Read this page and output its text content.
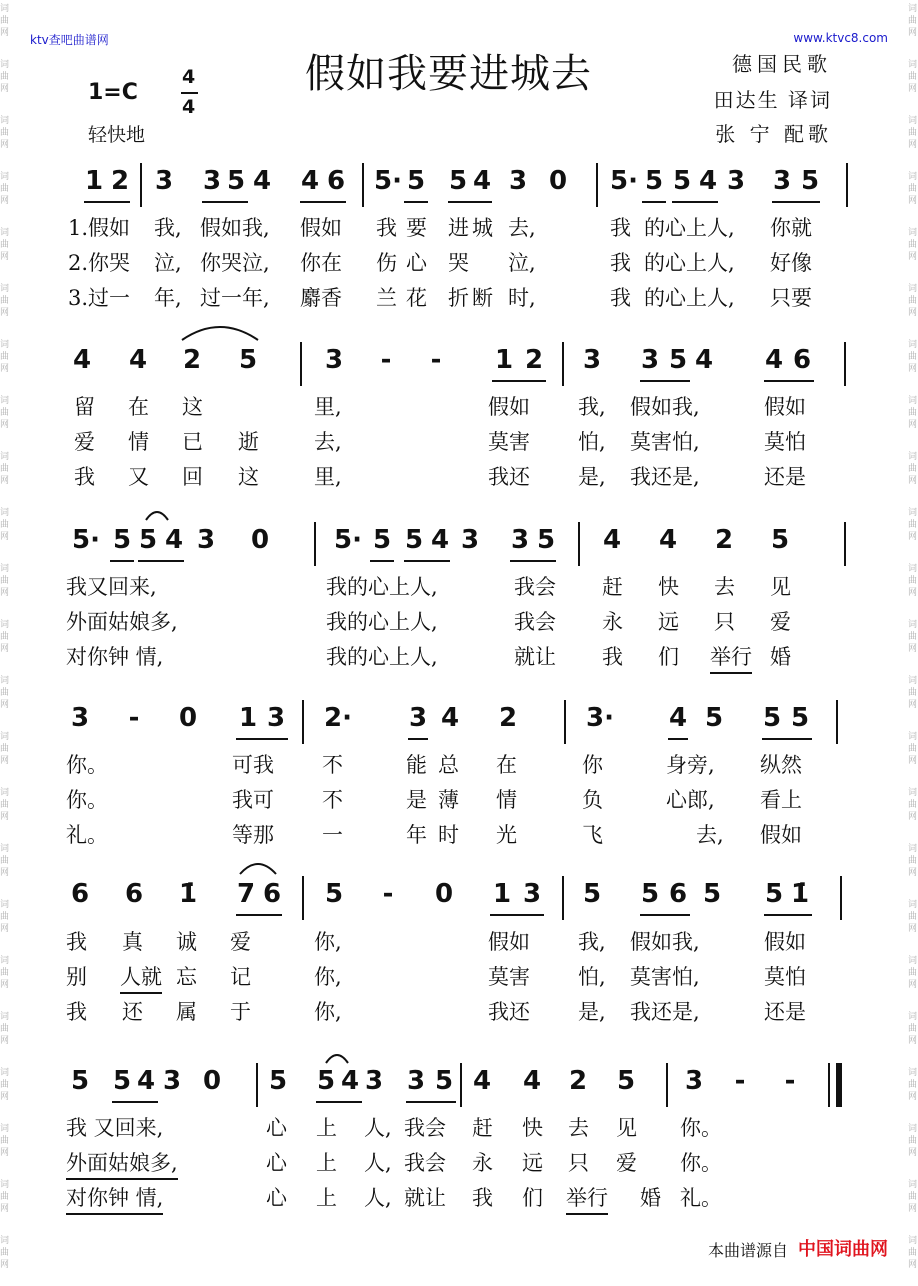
词
曲
网
词
曲
网
词
曲
网
词
曲
网
词
曲
网
词
曲
网
词
曲
网
词
曲
网
词
曲
网
词
曲
网
词
曲
网
词
曲
网
词
曲
网
词
曲
网
词
曲
网
词
曲
网
词
曲
网
词
曲
网
词
曲
网
词
曲
网
词
曲
网
词
曲
网
词
曲
网
词
曲
网
词
曲
网
词
曲
网
词
曲
网
词
曲
网
词
曲
网
词
曲
网
词
曲
网
词
曲
网
词
曲
网
词
曲
网
词
曲
网
词
曲
网
词
曲
网
词
曲
网
词
曲
网
词
曲
网
词
曲
网
词
曲
网
词
曲
网
词
曲
网
词
曲
网
词
曲
网
ktv查吧曲谱网	www.ktvc8.com
假如我要进城去
1=C
4
4
轻快地
德国民歌
田达生 译词
张 宁 配歌
1 2 3 3 5 4 4 6 5· 5 5 4 3 0 5· 5 5 4 3 3 5
1.假如 我, 假如我, 假如 我 要 进 城 去,	我 的心上人, 你就
2.你哭 泣, 你哭泣, 你在 伤 心 哭 泣,	我 的心上人, 好像
3.过一 年, 过一年, 麝香 兰 花 折 断 时,	我 的心上人, 只要
4 4 2 5	3 - - 1 2 3 3 5 4 4 6
留 在 这	里,	假如 我, 假如我,	假如
爱 情 已 逝	去,	莫害 怕, 莫害怕,	莫怕
我 又 回 这	里,	我还 是, 我还是,	还是
5· 5 5 4 3 0 5· 5 5 4 3 3 5 4 4 2 5
我又回来,	我的心上人,	我会 赶 快 去 见
外面姑娘多,	我的心上人,	我会 永 远 只 爱
对你钟 情,	我的心上人,	就让 我 们 举行 婚
3 - 0 1 3 2· 3 4 2	3· 4 5 5 5
你。	可我 不	能 总 在	你	身旁, 纵然
你。	我可 不	是 薄 情	负	心郎, 看上
礼。	等那 一	年 时 光	飞	去, 假如
6 6 1̇ 7 6 5 - 0 1 3 5 5 6 5 5 1̇
我 真 诚 爱	你,	假如 我, 假如我,	假如
别 人就 忘 记	你,	莫害 怕, 莫害怕,	莫怕
我 还 属 于	你,	我还 是, 我还是,	还是
5 5 4 3 0 5 5 4 3 3 5 4 4 2 5 3 - -
我 又回来,	心 上 人, 我会 赶 快 去 见 你。
外面姑娘多,	心 上 人, 我会 永 远 只 爱 你。
对你钟 情,	心 上 人, 就让 我 们 举行 婚 礼。
本曲谱源自 中国词曲网
